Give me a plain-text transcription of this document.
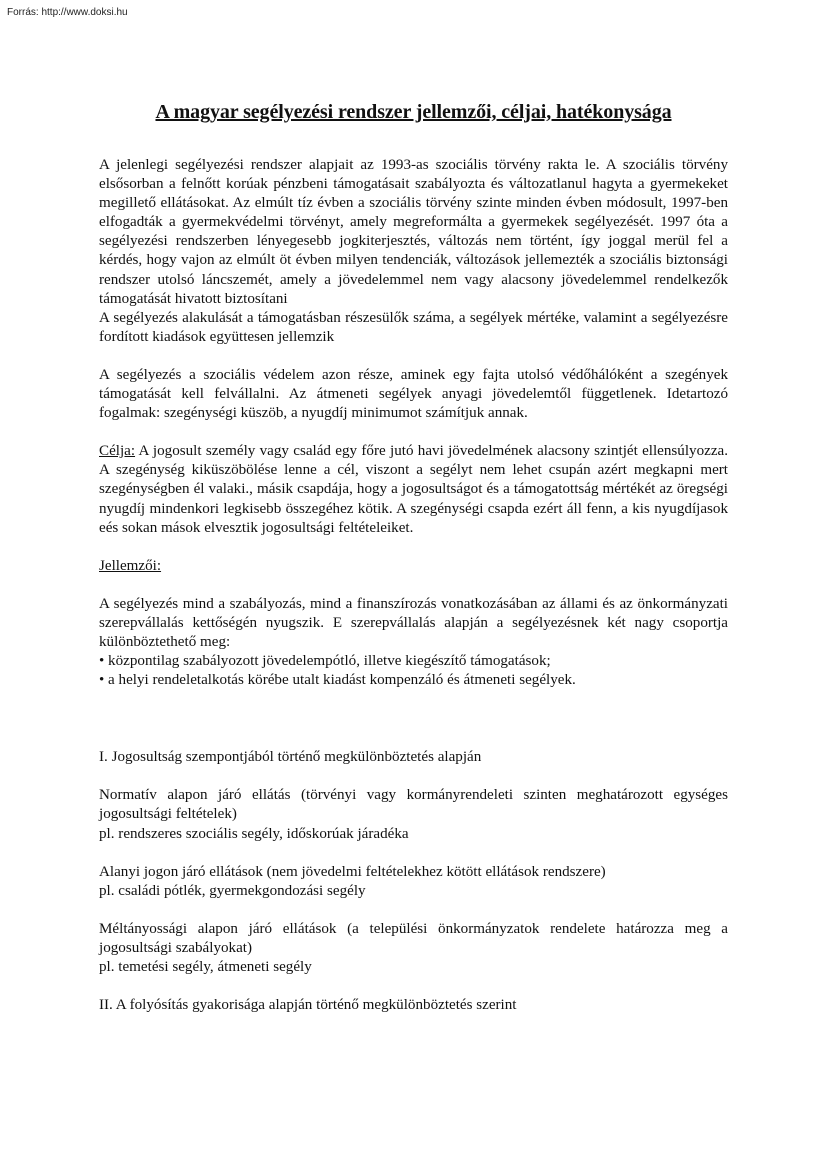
Forrás: http://www.doksi.hu

A magyar segélyezési rendszer jellemzői, céljai, hatékonysága

A jelenlegi segélyezési rendszer alapjait az 1993-as szociális törvény rakta le. A szociális törvény elsősorban a felnőtt korúak pénzbeni támogatásait szabályozta és változatlanul hagyta a gyermekeket megillető ellátásokat. Az elmúlt tíz évben a szociális törvény szinte minden évben módosult, 1997-ben elfogadták a gyermekvédelmi törvényt, amely megreformálta a gyermekek segélyezését. 1997 óta a segélyezési rendszerben lényegesebb jogkiterjesztés, változás nem történt, így joggal merül fel a kérdés, hogy vajon az elmúlt öt évben milyen tendenciák, változások jellemezték a szociális biztonsági rendszer utolsó láncszemét, amely a jövedelemmel nem vagy alacsony jövedelemmel rendelkezők támogatását hivatott biztosítani

A segélyezés alakulását a támogatásban részesülők száma, a segélyek mértéke, valamint a segélyezésre fordított kiadások együttesen jellemzik

A segélyezés a szociális védelem azon része, aminek egy fajta utolsó védőhálóként a szegények támogatását kell felvállalni. Az átmeneti segélyek anyagi jövedelemtől függetlenek. Idetartozó fogalmak: szegénységi küszöb, a nyugdíj minimumot számítjuk annak.

Célja: A jogosult személy vagy család egy főre jutó havi jövedelmének alacsony szintjét ellensúlyozza. A szegénység kiküszöbölése lenne a cél, viszont a segélyt nem lehet csupán azért megkapni mert szegénységben él valaki., másik csapdája, hogy a jogosultságot és a támogatottság mértékét az öregségi nyugdíj mindenkori legkisebb összegéhez kötik. A szegénységi csapda ezért áll fenn, a kis nyugdíjasok eés sokan mások elvesztik jogosultsági feltételeiket.

Jellemzői:

A segélyezés mind a szabályozás, mind a finanszírozás vonatkozásában az állami és az önkormányzati szerepvállalás kettőségén nyugszik. E szerepvállalás alapján a segélyezésnek két nagy csoportja különböztethető meg:

• központilag szabályozott jövedelempótló, illetve kiegészítő támogatások;
• a helyi rendeletalkotás körébe utalt kiadást kompenzáló és átmeneti segélyek.

I. Jogosultság szempontjából történő megkülönböztetés alapján

Normatív alapon járó ellátás (törvényi vagy kormányrendeleti szinten meghatározott egységes jogosultsági feltételek)

pl. rendszeres szociális segély, időskorúak járadéka

Alanyi jogon járó ellátások (nem jövedelmi feltételekhez kötött ellátások rendszere)

pl. családi pótlék, gyermekgondozási segély

Méltányossági alapon járó ellátások (a települési önkormányzatok rendelete határozza meg a jogosultsági szabályokat)

pl. temetési segély, átmeneti segély

II. A folyósítás gyakorisága alapján történő megkülönböztetés szerint
